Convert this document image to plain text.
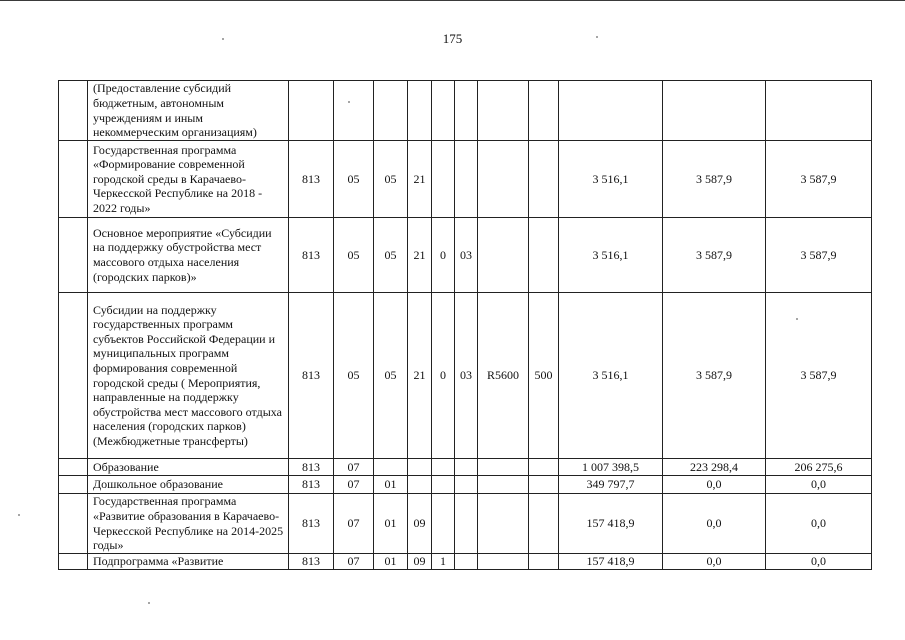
175
	(Предоставление субсидий бюджетным, автономным учреждениям и иным некоммерческим организациям)											
	Государственная программа «Формирование современной городской среды в Карачаево-Черкесской Республике на 2018 - 2022 годы»	813	05	05	21					3 516,1	3 587,9	3 587,9
	Основное мероприятие «Субсидии на поддержку обустройства мест массового отдыха населения (городских парков)»	813	05	05	21	0	03			3 516,1	3 587,9	3 587,9
	Субсидии на поддержку государственных программ субъектов Российской Федерации и муниципальных программ формирования современной городской среды ( Мероприятия, направленные на поддержку обустройства мест массового отдыха населения (городских парков) (Межбюджетные трансферты)	813	05	05	21	0	03	R5600	500	3 516,1	3 587,9	3 587,9
	Образование	813	07							1 007 398,5	223 298,4	206 275,6
	Дошкольное образование	813	07	01						349 797,7	0,0	0,0
	Государственная программа «Развитие образования в Карачаево-Черкесской Республике на 2014-2025 годы»	813	07	01	09					157 418,9	0,0	0,0
	Подпрограмма «Развитие	813	07	01	09	1				157 418,9	0,0	0,0
